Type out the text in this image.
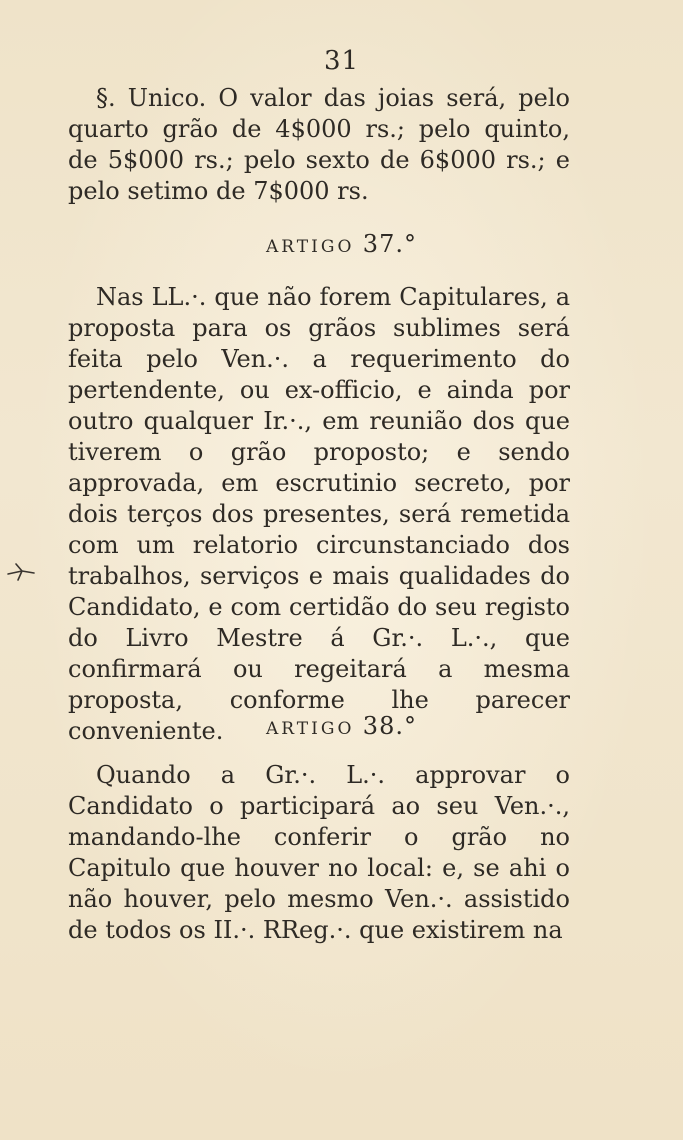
31

§. Unico. O valor das joias será, pelo quarto grão de 4$000 rs.; pelo quinto, de 5$000 rs.; pelo sexto de 6$000 rs.; e pelo setimo de 7$000 rs.

ARTIGO 37.°

Nas LL.·. que não forem Capitulares, a proposta para os grãos sublimes será feita pelo Ven.·. a requerimento do pertendente, ou ex-officio, e ainda por outro qualquer Ir.·., em reunião dos que tiverem o grão proposto; e sendo approvada, em escrutinio secreto, por dois terços dos presentes, será remetida com um relatorio circunstanciado dos trabalhos, serviços e mais qualidades do Candidato, e com certidão do seu registo do Livro Mestre á Gr.·. L.·., que confirmará ou regeitará a mesma proposta, conforme lhe parecer conveniente.	ARTIGO 38.°

Quando a Gr.·. L.·. approvar o Candidato o participará ao seu Ven.·., mandando-lhe conferir o grão no Capitulo que houver no local: e, se ahi o não houver, pelo mesmo Ven.·. assistido de todos os II.·. RReg.·. que existirem na
